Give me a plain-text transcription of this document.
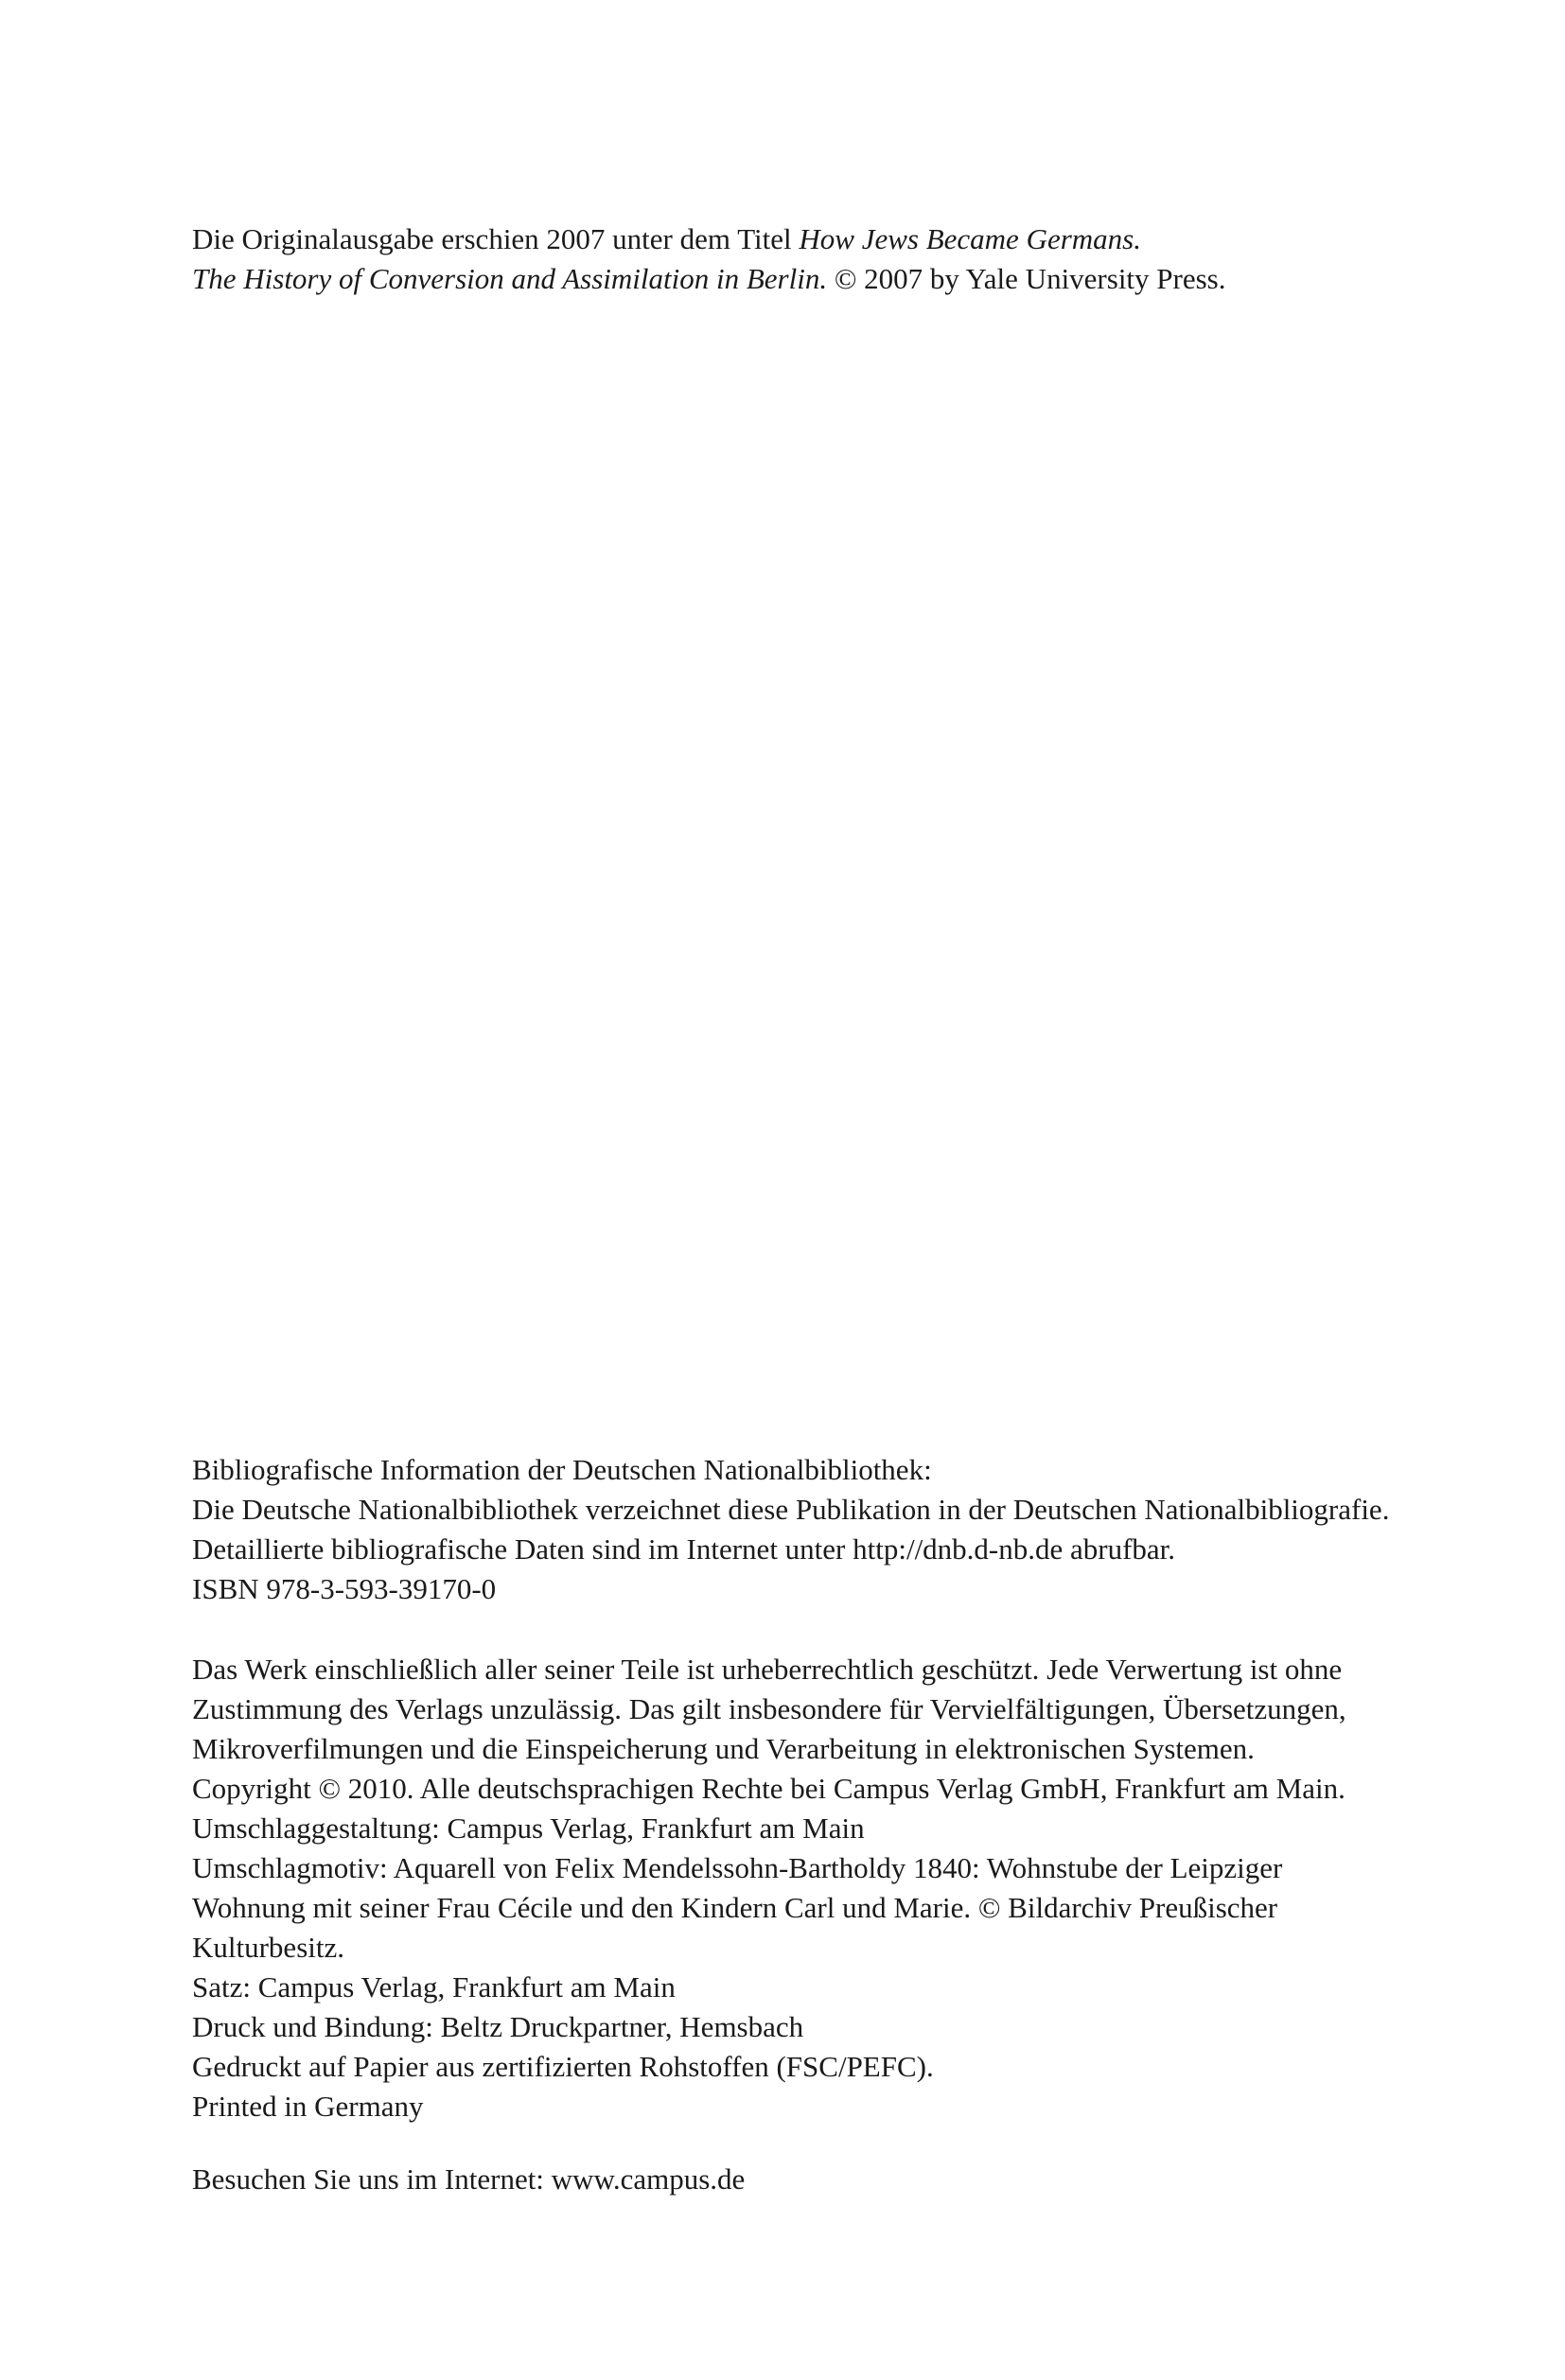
Die Originalausgabe erschien 2007 unter dem Titel How Jews Became Germans.
The History of Conversion and Assimilation in Berlin. © 2007 by Yale University Press.
Bibliografische Information der Deutschen Nationalbibliothek:
Die Deutsche Nationalbibliothek verzeichnet diese Publikation in der Deutschen Nationalbibliografie.
Detaillierte bibliografische Daten sind im Internet unter http://dnb.d-nb.de abrufbar.
ISBN 978-3-593-39170-0
Das Werk einschließlich aller seiner Teile ist urheberrechtlich geschützt. Jede Verwertung ist ohne
Zustimmung des Verlags unzulässig. Das gilt insbesondere für Vervielfältigungen, Übersetzungen,
Mikroverfilmungen und die Einspeicherung und Verarbeitung in elektronischen Systemen.
Copyright © 2010. Alle deutschsprachigen Rechte bei Campus Verlag GmbH, Frankfurt am Main.
Umschlaggestaltung: Campus Verlag, Frankfurt am Main
Umschlagmotiv: Aquarell von Felix Mendelssohn-Bartholdy 1840: Wohnstube der Leipziger
Wohnung mit seiner Frau Cécile und den Kindern Carl und Marie. © Bildarchiv Preußischer
Kulturbesitz.
Satz: Campus Verlag, Frankfurt am Main
Druck und Bindung: Beltz Druckpartner, Hemsbach
Gedruckt auf Papier aus zertifizierten Rohstoffen (FSC/PEFC).
Printed in Germany
Besuchen Sie uns im Internet: www.campus.de
